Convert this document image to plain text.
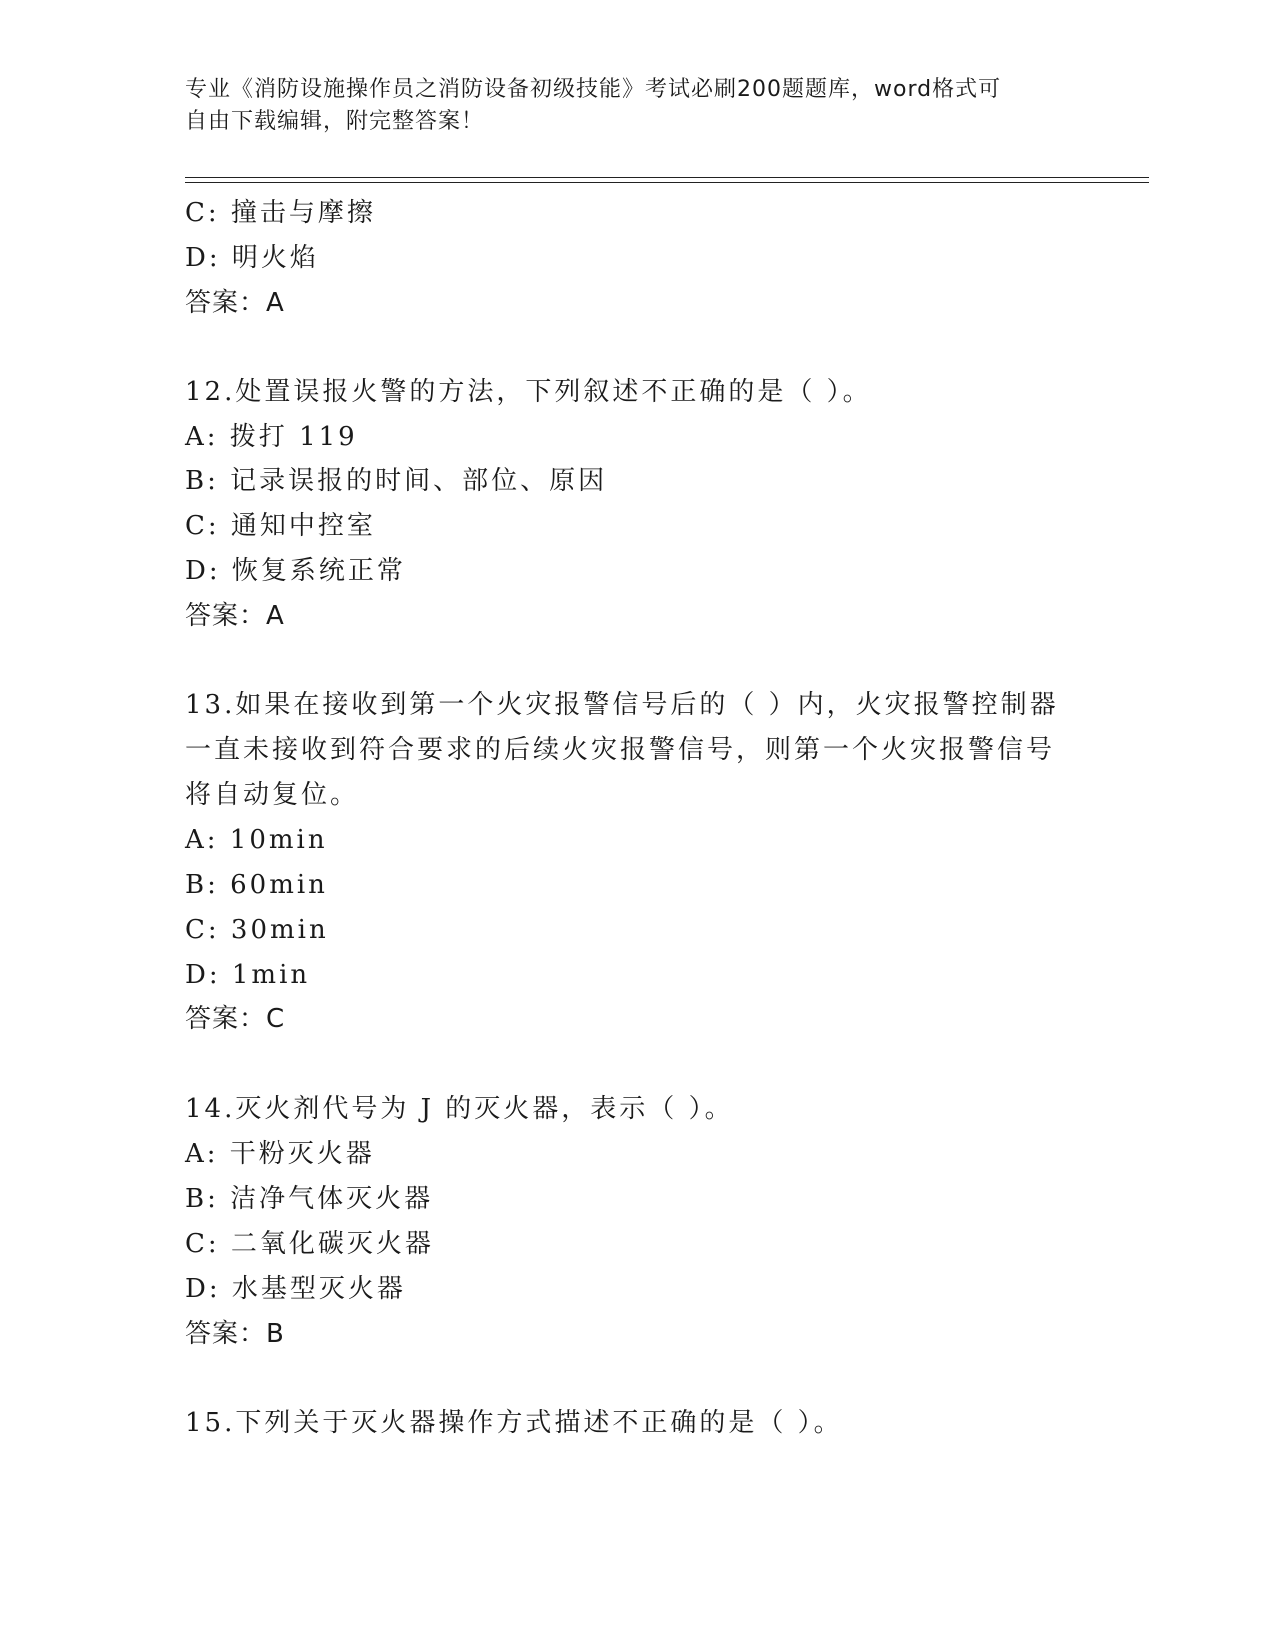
专业《消防设施操作员之消防设备初级技能》考试必刷200题题库，word格式可
自由下载编辑，附完整答案！
C: 撞击与摩擦
D: 明火焰
答案：A
12.处置误报火警的方法，下列叙述不正确的是（ ）。
A: 拨打 119
B: 记录误报的时间、部位、原因
C: 通知中控室
D: 恢复系统正常
答案：A
13.如果在接收到第一个火灾报警信号后的（ ）内，火灾报警控制器
一直未接收到符合要求的后续火灾报警信号，则第一个火灾报警信号
将自动复位。
A: 10min
B: 60min
C: 30min
D: 1min
答案：C
14.灭火剂代号为 J 的灭火器，表示（ ）。
A: 干粉灭火器
B: 洁净气体灭火器
C: 二氧化碳灭火器
D: 水基型灭火器
答案：B
15.下列关于灭火器操作方式描述不正确的是（ ）。
